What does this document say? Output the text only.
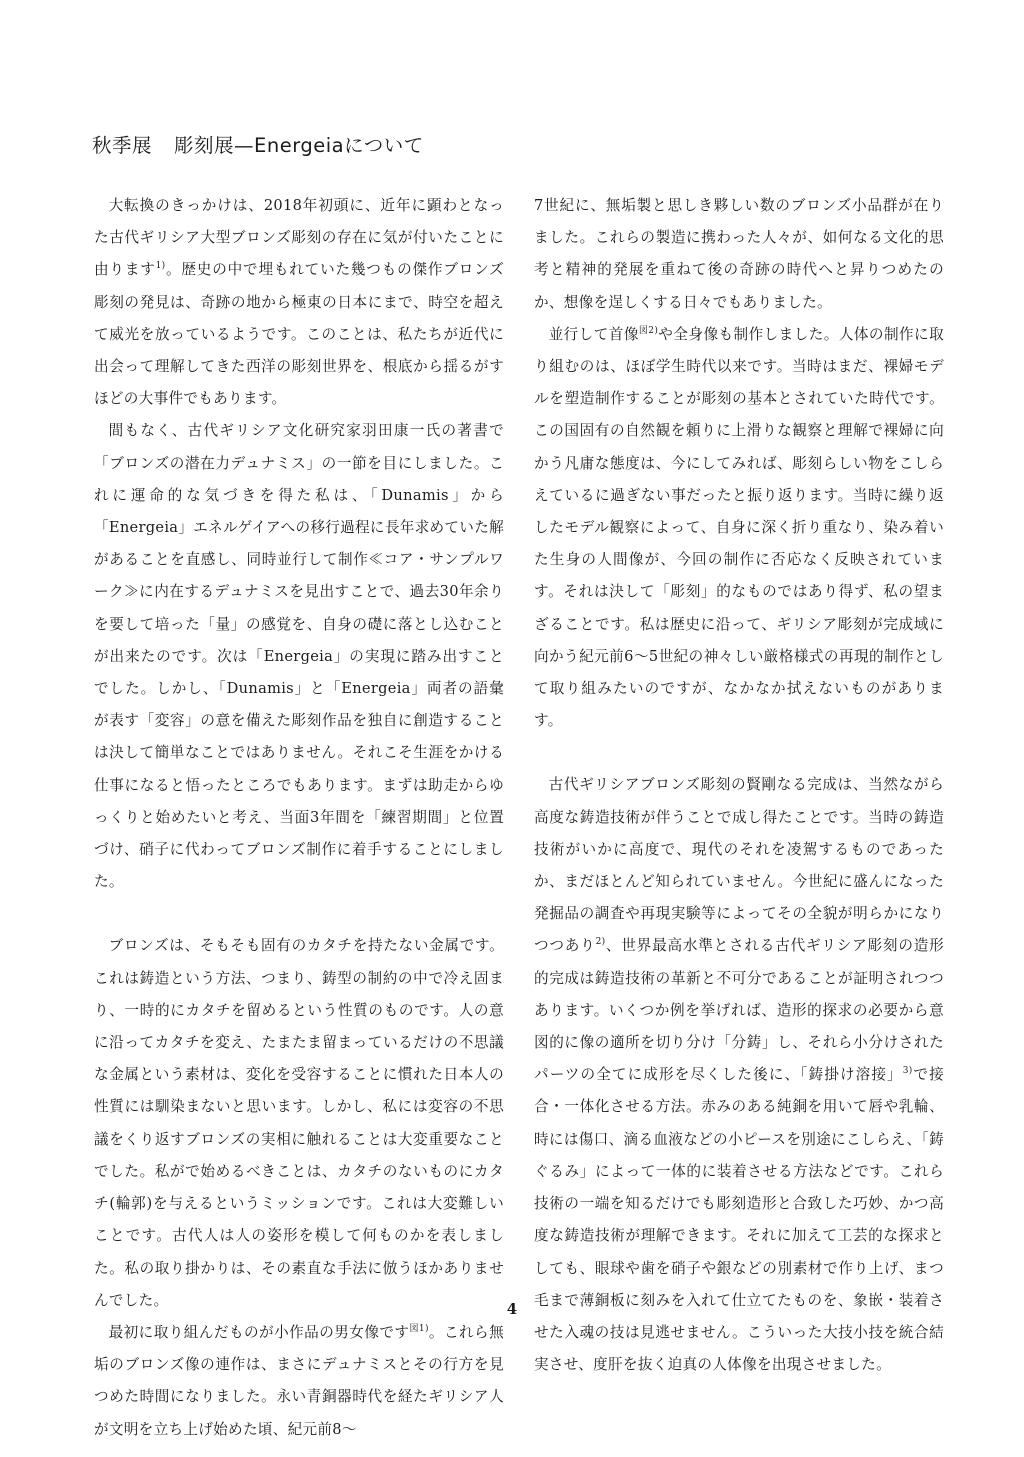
秋季展 彫刻展—Energeiaについて

大転換のきっかけは、2018年初頭に、近年に顕わとなった古代ギリシア大型ブロンズ彫刻の存在に気が付いたことに由ります$^{1)}$。歴史の中で埋もれていた幾つもの傑作ブロンズ彫刻の発見は、奇跡の地から極東の日本にまで、時空を超えて威光を放っているようです。このことは、私たちが近代に出会って理解してきた西洋の彫刻世界を、根底から揺るがすほどの大事件でもあります。

間もなく、古代ギリシア文化研究家羽田康一氏の著書で「ブロンズの潜在力デュナミス」の一節を目にしました。これに運命的な気づきを得た私は、「Dunamis」から「Energeia」エネルゲイアへの移行過程に長年求めていた解があることを直感し、同時並行して制作≪コア・サンプルワーク≫に内在するデュナミスを見出すことで、過去30年余りを要して培った「量」の感覚を、自身の礎に落とし込むことが出来たのです。次は「Energeia」の実現に踏み出すことでした。しかし、「Dunamis」と「Energeia」両者の語彙が表す「変容」の意を備えた彫刻作品を独自に創造することは決して簡単なことではありません。それこそ生涯をかける仕事になると悟ったところでもあります。まずは助走からゆっくりと始めたいと考え、当面3年間を「練習期間」と位置づけ、硝子に代わってブロンズ制作に着手することにしました。

ブロンズは、そもそも固有のカタチを持たない金属です。これは鋳造という方法、つまり、鋳型の制約の中で冷え固まり、一時的にカタチを留めるという性質のものです。人の意に沿ってカタチを変え、たまたま留まっているだけの不思議な金属という素材は、変化を受容することに慣れた日本人の性質には馴染まないと思います。しかし、私には変容の不思議をくり返すブロンズの実相に触れることは大変重要なことでした。私がで始めるべきことは、カタチのないものにカタチ(輪郭)を与えるというミッションです。これは大変難しいことです。古代人は人の姿形を模して何ものかを表しました。私の取り掛かりは、その素直な手法に倣うほかありませんでした。

最初に取り組んだものが小作品の男女像です$^{図1)}$。これら無垢のブロンズ像の連作は、まさにデュナミスとその行方を見つめた時間になりました。永い青銅器時代を経たギリシア人が文明を立ち上げ始めた頃、紀元前8〜

7世紀に、無垢製と思しき夥しい数のブロンズ小品群が在りました。これらの製造に携わった人々が、如何なる文化的思考と精神的発展を重ねて後の奇跡の時代へと昇りつめたのか、想像を逞しくする日々でもありました。

並行して首像$^{図2)}$や全身像も制作しました。人体の制作に取り組むのは、ほぼ学生時代以来です。当時はまだ、裸婦モデルを塑造制作することが彫刻の基本とされていた時代です。この国固有の自然観を頼りに上滑りな観察と理解で裸婦に向かう凡庸な態度は、今にしてみれば、彫刻らしい物をこしらえているに過ぎない事だったと振り返ります。当時に繰り返したモデル観察によって、自身に深く折り重なり、染み着いた生身の人間像が、今回の制作に否応なく反映されています。それは決して「彫刻」的なものではあり得ず、私の望まざることです。私は歴史に沿って、ギリシア彫刻が完成域に向かう紀元前6〜5世紀の神々しい厳格様式の再現的制作として取り組みたいのですが、なかなか拭えないものがあります。

古代ギリシアブロンズ彫刻の賢剛なる完成は、当然ながら高度な鋳造技術が伴うことで成し得たことです。当時の鋳造技術がいかに高度で、現代のそれを凌駕するものであったか、まだほとんど知られていません。今世紀に盛んになった発掘品の調査や再現実験等によってその全貌が明らかになりつつあり$^{2)}$、世界最高水準とされる古代ギリシア彫刻の造形的完成は鋳造技術の革新と不可分であることが証明されつつあります。いくつか例を挙げれば、造形的探求の必要から意図的に像の適所を切り分け「分鋳」し、それら小分けされたパーツの全てに成形を尽くした後に、「鋳掛け溶接」$^{3)}$で接合・一体化させる方法。赤みのある純銅を用いて唇や乳輪、時には傷口、滴る血液などの小ピースを別途にこしらえ、「鋳ぐるみ」によって一体的に装着させる方法などです。これら技術の一端を知るだけでも彫刻造形と合致した巧妙、かつ高度な鋳造技術が理解できます。それに加えて工芸的な探求としても、眼球や歯を硝子や銀などの別素材で作り上げ、まつ毛まで薄銅板に刻みを入れて仕立てたものを、象嵌・装着させた入魂の技は見逃せません。こういった大技小技を統合結実させ、度肝を抜く迫真の人体像を出現させました。

4
